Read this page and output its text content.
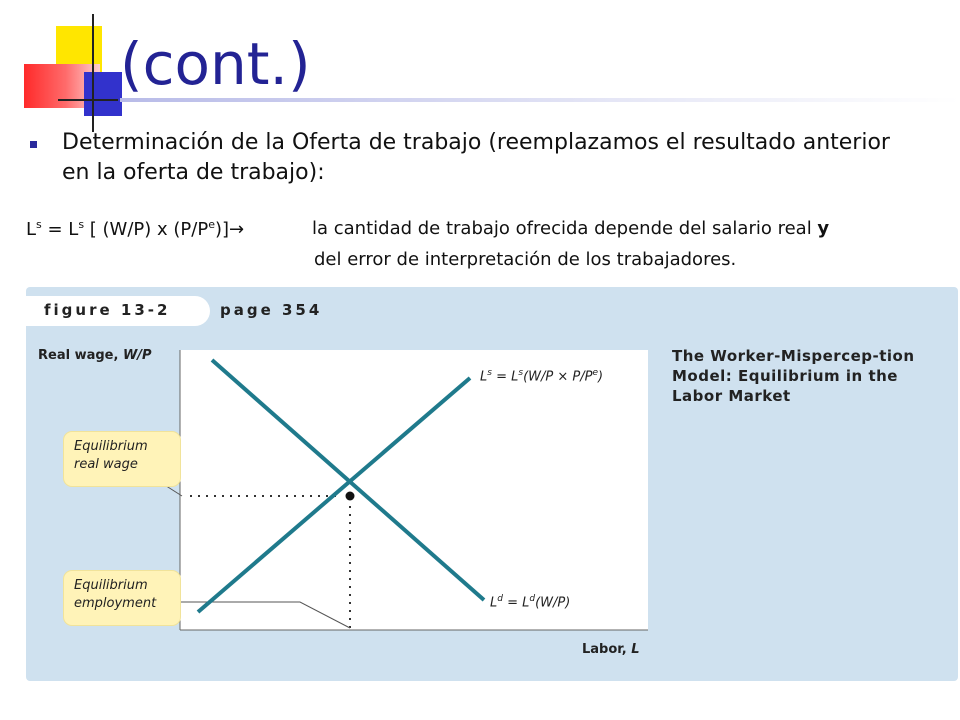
(cont.)
Determinación de la Oferta de trabajo (reemplazamos el resultado anterior en la oferta de trabajo):
$L^s = L^s$ [ (W/P) x $(P/P^e)]\to$	la cantidad de trabajo ofrecida depende del salario real y
del error de interpretación de los trabajadores.
figure 13-2	page 354
Real wage, W/P
$L^s = L^s(W/P \times P/P^e)$
$L^d = L^d(W/P)$
Equilibrium real wage
Equilibrium employment
Labor, L
The Worker-Mispercep-tion Model: Equilibrium in the Labor Market
